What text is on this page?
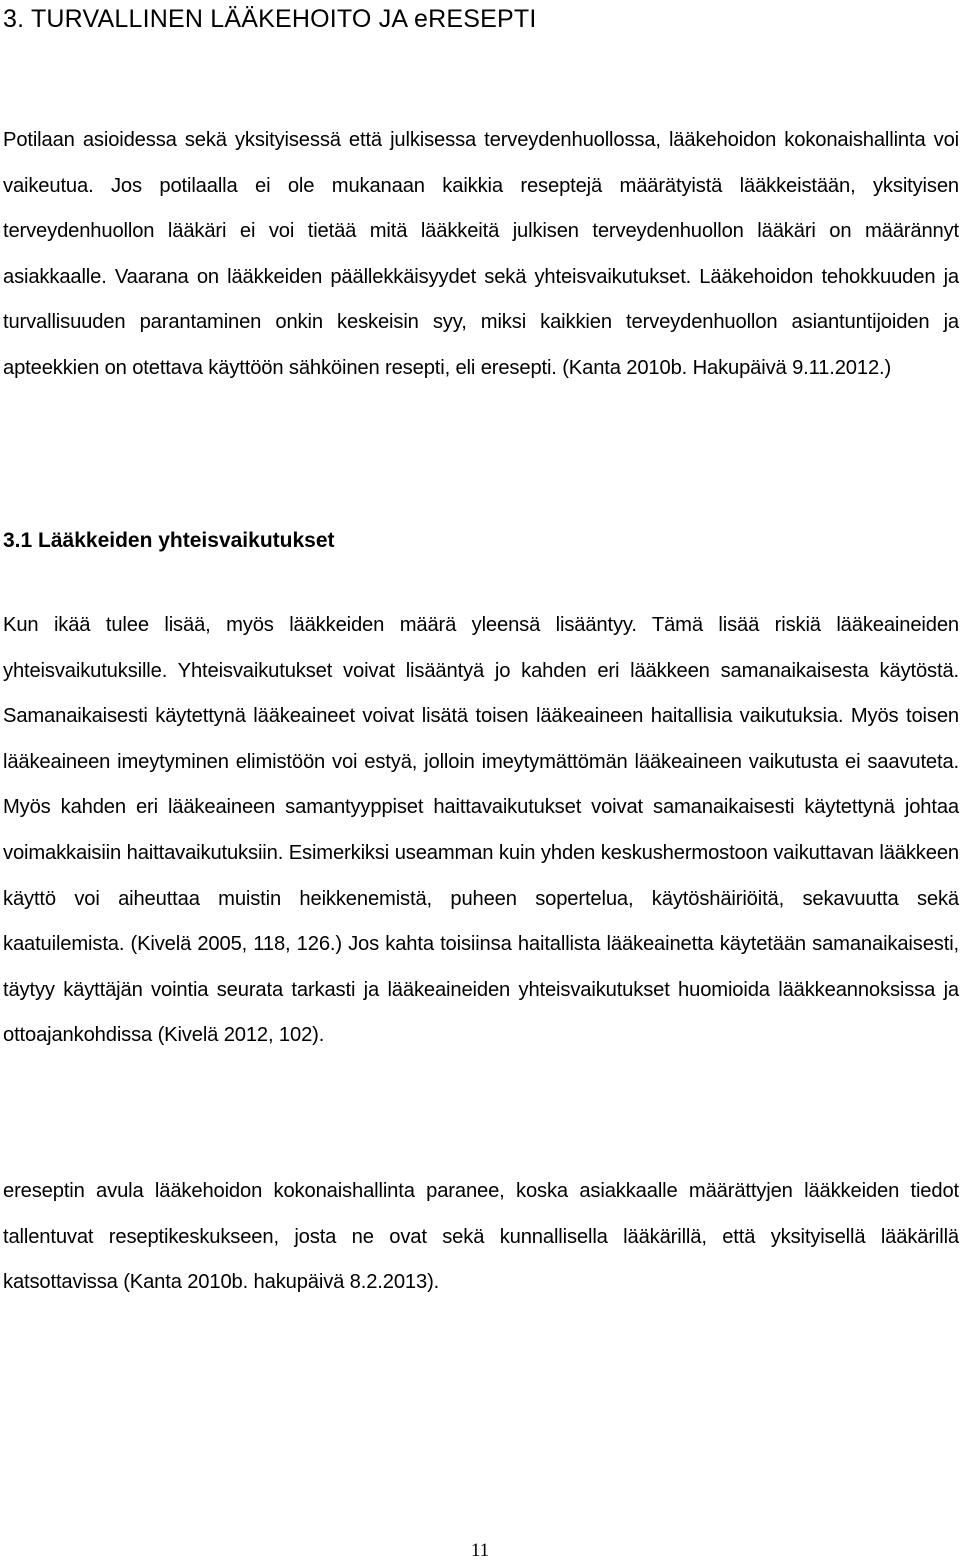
3. TURVALLINEN LÄÄKEHOITO JA eRESEPTI

Potilaan asioidessa sekä yksityisessä että julkisessa terveydenhuollossa, lääkehoidon kokonaishallinta voi vaikeutua. Jos potilaalla ei ole mukanaan kaikkia reseptejä määrätyistä lääkkeistään, yksityisen terveydenhuollon lääkäri ei voi tietää mitä lääkkeitä julkisen terveydenhuollon lääkäri on määrännyt asiakkaalle. Vaarana on lääkkeiden päällekkäisyydet sekä yhteisvaikutukset. Lääkehoidon tehokkuuden ja turvallisuuden parantaminen onkin keskeisin syy, miksi kaikkien terveydenhuollon asiantuntijoiden ja apteekkien on otettava käyttöön sähköinen resepti, eli eresepti. (Kanta 2010b. Hakupäivä 9.11.2012.)

3.1 Lääkkeiden yhteisvaikutukset

Kun ikää tulee lisää, myös lääkkeiden määrä yleensä lisääntyy. Tämä lisää riskiä lääkeaineiden yhteisvaikutuksille. Yhteisvaikutukset voivat lisääntyä jo kahden eri lääkkeen samanaikaisesta käytöstä. Samanaikaisesti käytettynä lääkeaineet voivat lisätä toisen lääkeaineen haitallisia vaikutuksia. Myös toisen lääkeaineen imeytyminen elimistöön voi estyä, jolloin imeytymättömän lääkeaineen vaikutusta ei saavuteta. Myös kahden eri lääkeaineen samantyyppiset haittavaikutukset voivat samanaikaisesti käytettynä johtaa voimakkaisiin haittavaikutuksiin. Esimerkiksi useamman kuin yhden keskushermostoon vaikuttavan lääkkeen käyttö voi aiheuttaa muistin heikkenemistä, puheen sopertelua, käytöshäiriöitä, sekavuutta sekä kaatuilemista. (Kivelä 2005, 118, 126.) Jos kahta toisiinsa haitallista lääkeainetta käytetään samanaikaisesti, täytyy käyttäjän vointia seurata tarkasti ja lääkeaineiden yhteisvaikutukset huomioida lääkkeannoksissa ja ottoajankohdissa (Kivelä 2012, 102).

ereseptin avula lääkehoidon kokonaishallinta paranee, koska asiakkaalle määrättyjen lääkkeiden tiedot tallentuvat reseptikeskukseen, josta ne ovat sekä kunnallisella lääkärillä, että yksityisellä lääkärillä katsottavissa (Kanta 2010b. hakupäivä 8.2.2013).

11
